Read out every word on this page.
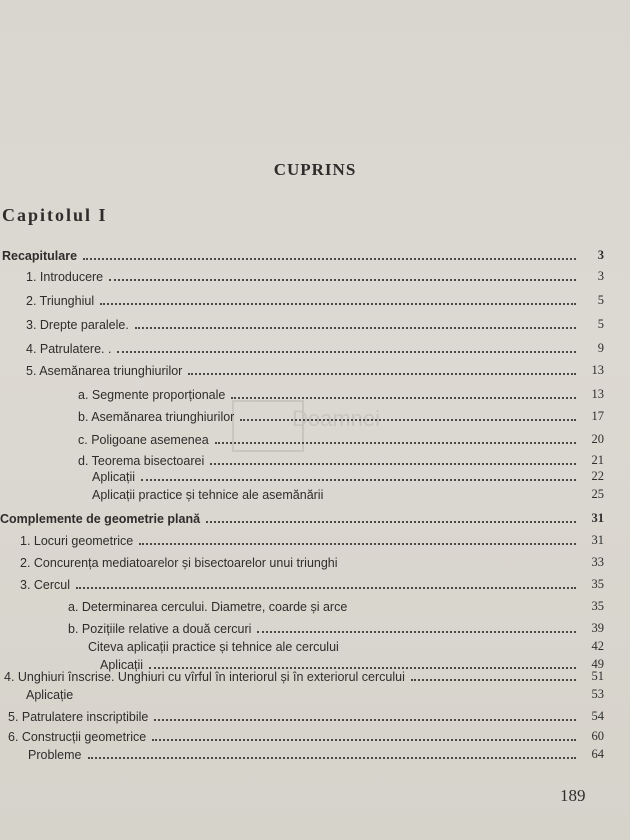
CUPRINS
Capitolul I
Doamnei
Recapitulare	3
1. Introducere	3
2. Triunghiul	5
3. Drepte paralele.	5
4. Patrulatere. .	9
5. Asemănarea triunghiurilor	13
a. Segmente proporționale	13
b. Asemănarea triunghiurilor	17
c. Poligoane asemenea	20
d. Teorema bisectoarei	21
Aplicații	22
Aplicații practice și tehnice ale asemănării	25
Complemente de geometrie plană	31
1. Locuri geometrice	31
2. Concurența mediatoarelor și bisectoarelor unui triunghi	33
3. Cercul	35
a. Determinarea cercului. Diametre, coarde și arce	35
b. Pozițiile relative a două cercuri	39
Citeva aplicații practice și tehnice ale cercului	42
Aplicații	49
4. Unghiuri înscrise. Unghiuri cu vîrful în interiorul și în exteriorul cercului	51
Aplicație	53
5. Patrulatere inscriptibile	54
6. Construcții geometrice	60
Probleme	64
189
